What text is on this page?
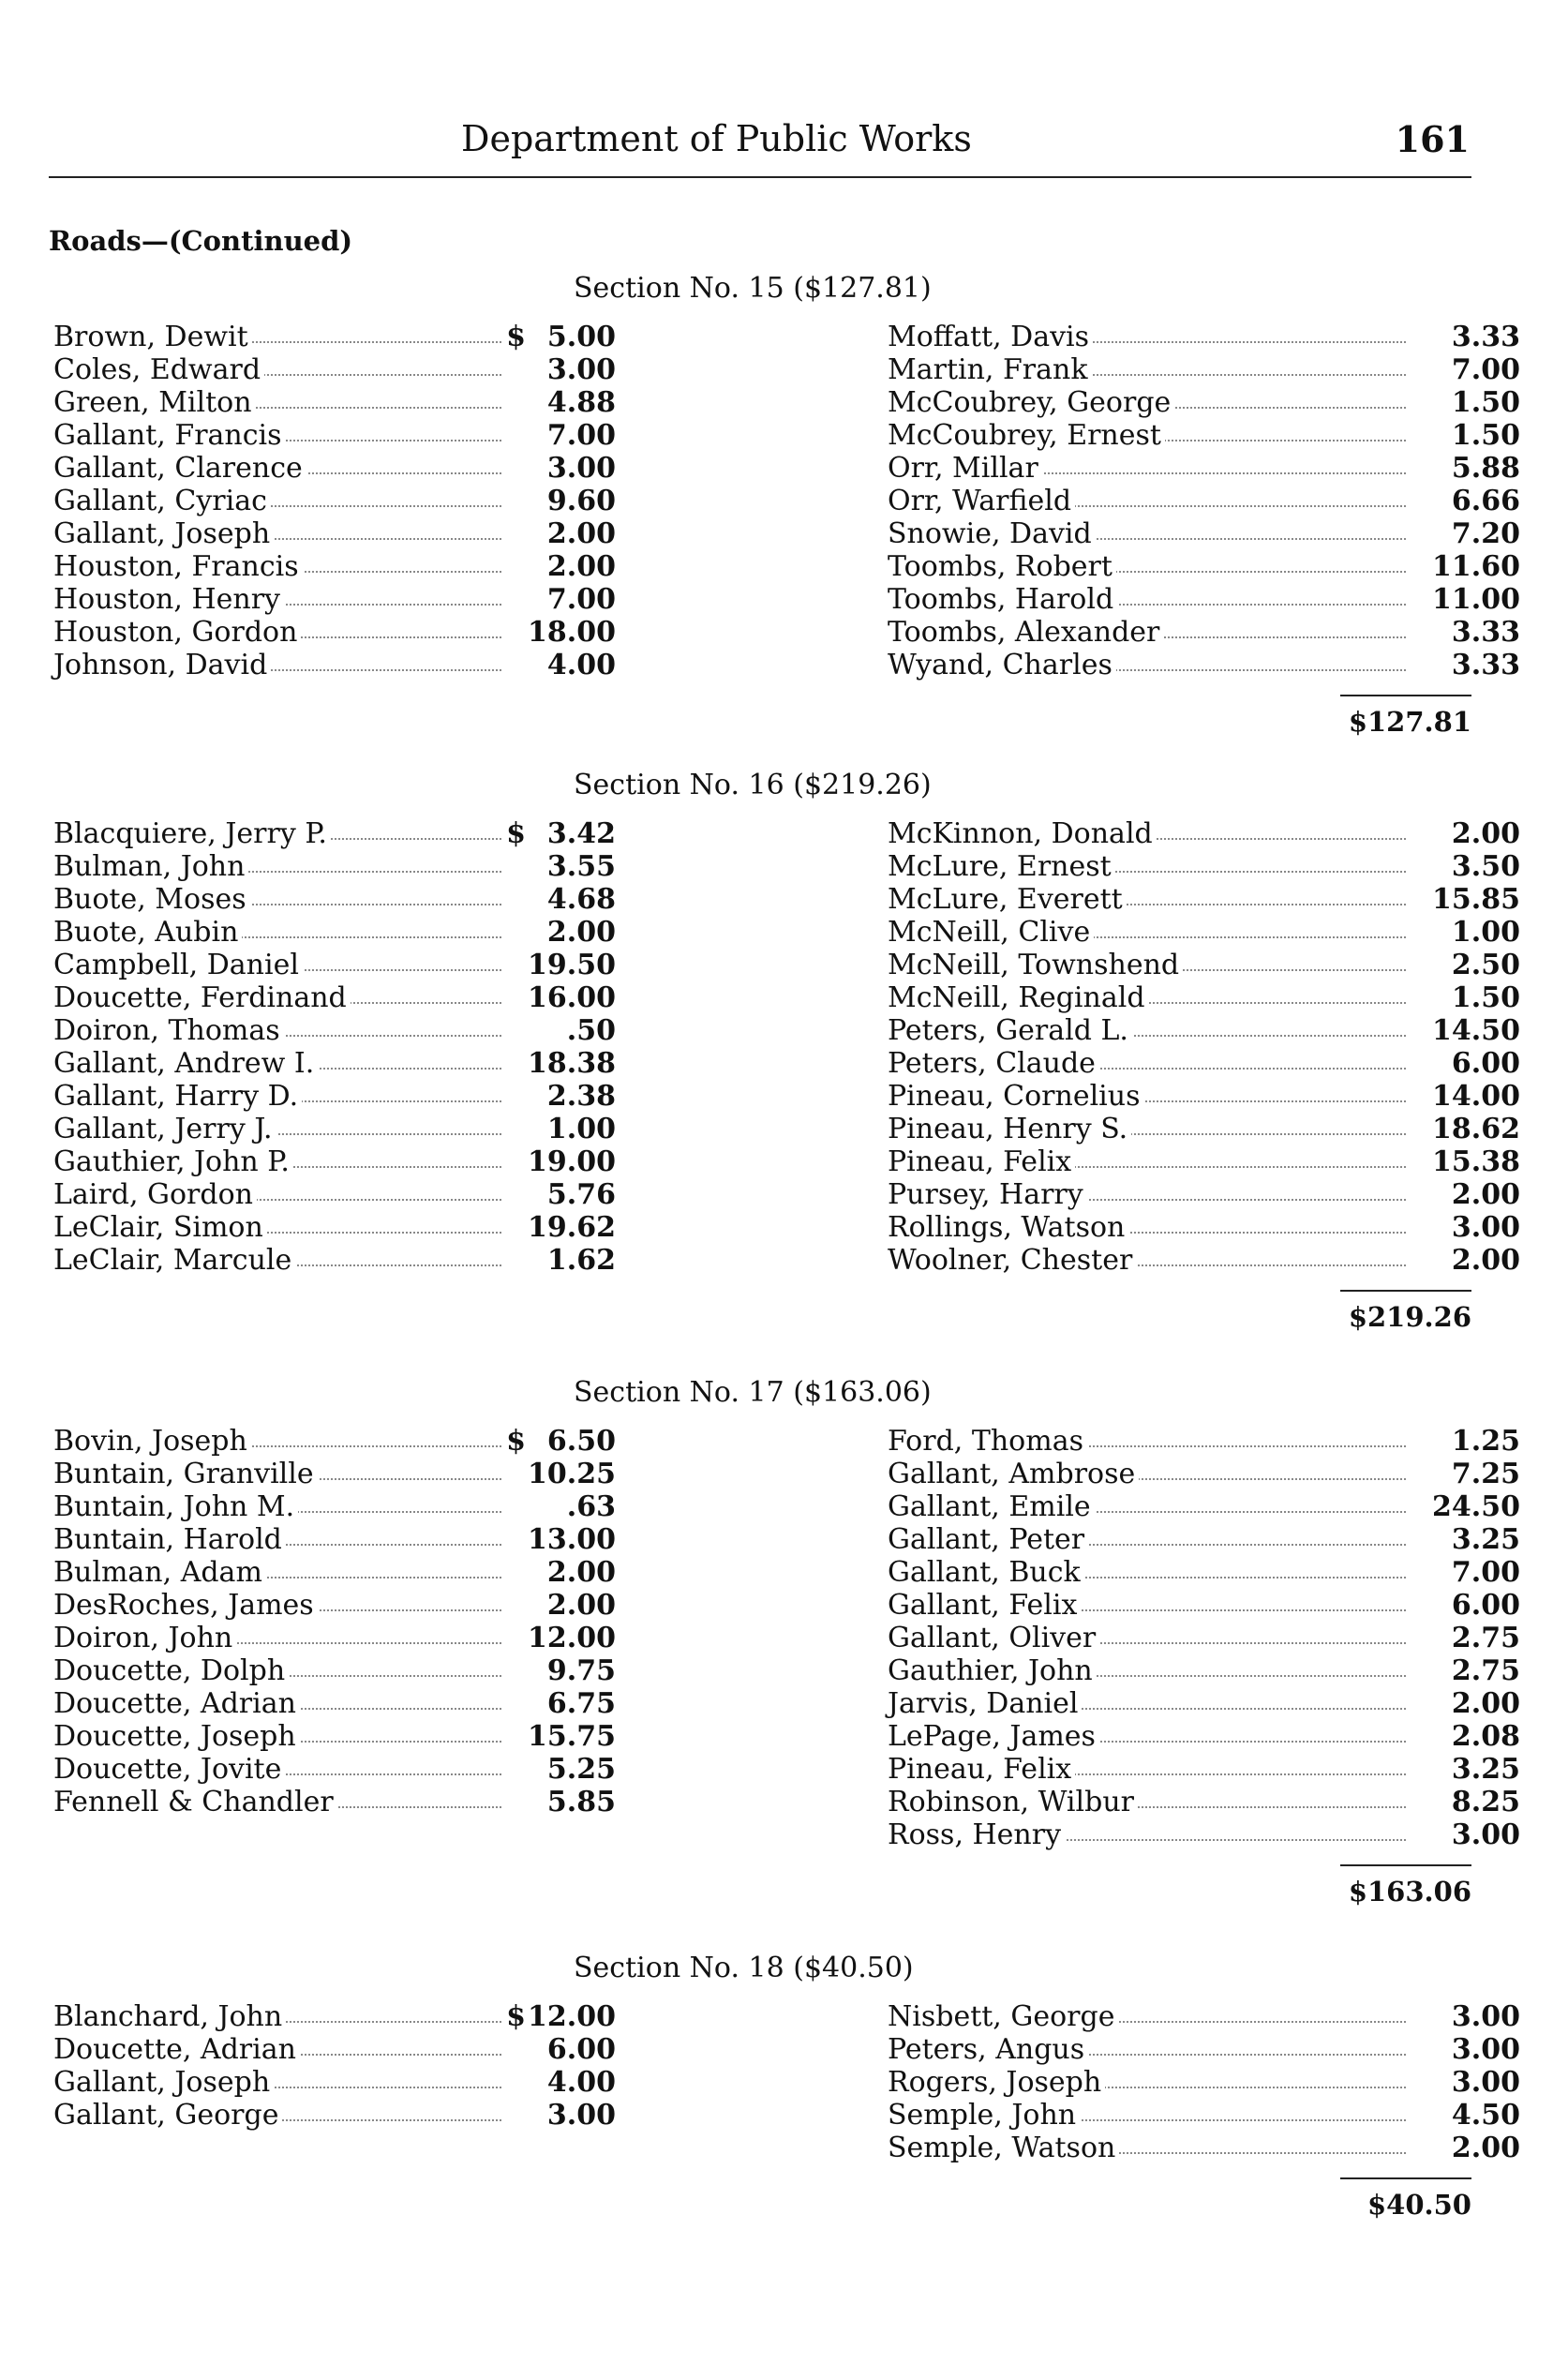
Department of Public Works	161
Roads—(Continued)
Section No. 15 ($127.81)
Brown, Dewit	$ 5.00
Coles, Edward	3.00
Green, Milton	4.88
Gallant, Francis	7.00
Gallant, Clarence	3.00
Gallant, Cyriac	9.60
Gallant, Joseph	2.00
Houston, Francis	2.00
Houston, Henry	7.00
Houston, Gordon	18.00
Johnson, David	4.00
Moffatt, Davis	3.33
Martin, Frank	7.00
McCoubrey, George	1.50
McCoubrey, Ernest	1.50
Orr, Millar	5.88
Orr, Warfield	6.66
Snowie, David	7.20
Toombs, Robert	11.60
Toombs, Harold	11.00
Toombs, Alexander	3.33
Wyand, Charles	3.33
$127.81
Section No. 16 ($219.26)
Blacquiere, Jerry P.	$ 3.42
Bulman, John	3.55
Buote, Moses	4.68
Buote, Aubin	2.00
Campbell, Daniel	19.50
Doucette, Ferdinand	16.00
Doiron, Thomas	.50
Gallant, Andrew I.	18.38
Gallant, Harry D.	2.38
Gallant, Jerry J.	1.00
Gauthier, John P.	19.00
Laird, Gordon	5.76
LeClair, Simon	19.62
LeClair, Marcule	1.62
McKinnon, Donald	2.00
McLure, Ernest	3.50
McLure, Everett	15.85
McNeill, Clive	1.00
McNeill, Townshend	2.50
McNeill, Reginald	1.50
Peters, Gerald L.	14.50
Peters, Claude	6.00
Pineau, Cornelius	14.00
Pineau, Henry S.	18.62
Pineau, Felix	15.38
Pursey, Harry	2.00
Rollings, Watson	3.00
Woolner, Chester	2.00
$219.26
Section No. 17 ($163.06)
Bovin, Joseph	$ 6.50
Buntain, Granville	10.25
Buntain, John M.	.63
Buntain, Harold	13.00
Bulman, Adam	2.00
DesRoches, James	2.00
Doiron, John	12.00
Doucette, Dolph	9.75
Doucette, Adrian	6.75
Doucette, Joseph	15.75
Doucette, Jovite	5.25
Fennell & Chandler	5.85
Ford, Thomas	1.25
Gallant, Ambrose	7.25
Gallant, Emile	24.50
Gallant, Peter	3.25
Gallant, Buck	7.00
Gallant, Felix	6.00
Gallant, Oliver	2.75
Gauthier, John	2.75
Jarvis, Daniel	2.00
LePage, James	2.08
Pineau, Felix	3.25
Robinson, Wilbur	8.25
Ross, Henry	3.00
$163.06
Section No. 18 ($40.50)
Blanchard, John	$ 12.00
Doucette, Adrian	6.00
Gallant, Joseph	4.00
Gallant, George	3.00
Nisbett, George	3.00
Peters, Angus	3.00
Rogers, Joseph	3.00
Semple, John	4.50
Semple, Watson	2.00
$40.50
